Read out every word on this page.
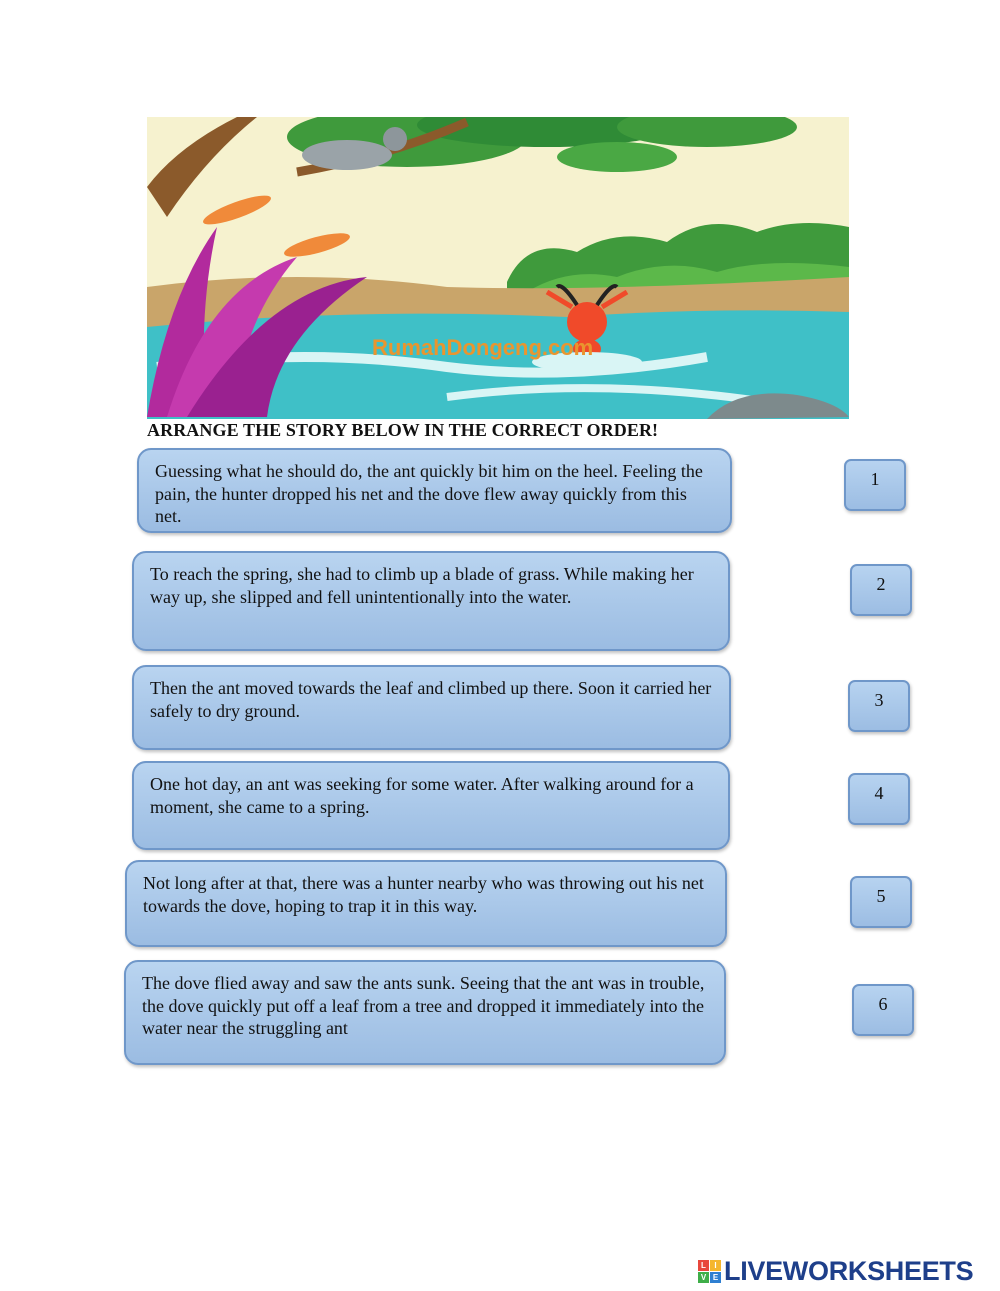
RumahDongeng.com
ARRANGE THE STORY BELOW IN THE CORRECT ORDER!
Guessing what he should do, the ant quickly bit him on the heel. Feeling the pain, the hunter dropped his net and the dove flew away quickly from this net.
To reach the spring, she had to climb up a blade of grass. While making her way up, she slipped and fell unintentionally into the water.
Then the ant moved towards the leaf and climbed up there. Soon it carried her safely to dry ground.
One hot day, an ant was seeking for some water. After walking around for a moment, she came to a spring.
Not long after at that, there was a hunter nearby who was throwing out his net towards the dove, hoping to trap it in this way.
The dove flied away and saw the ants sunk. Seeing that the ant was in trouble, the dove quickly put off a leaf from a tree and dropped it immediately into the water near the struggling ant
1
2
3
4
5
6
L	I
V E LIVEWORKSHEETS
